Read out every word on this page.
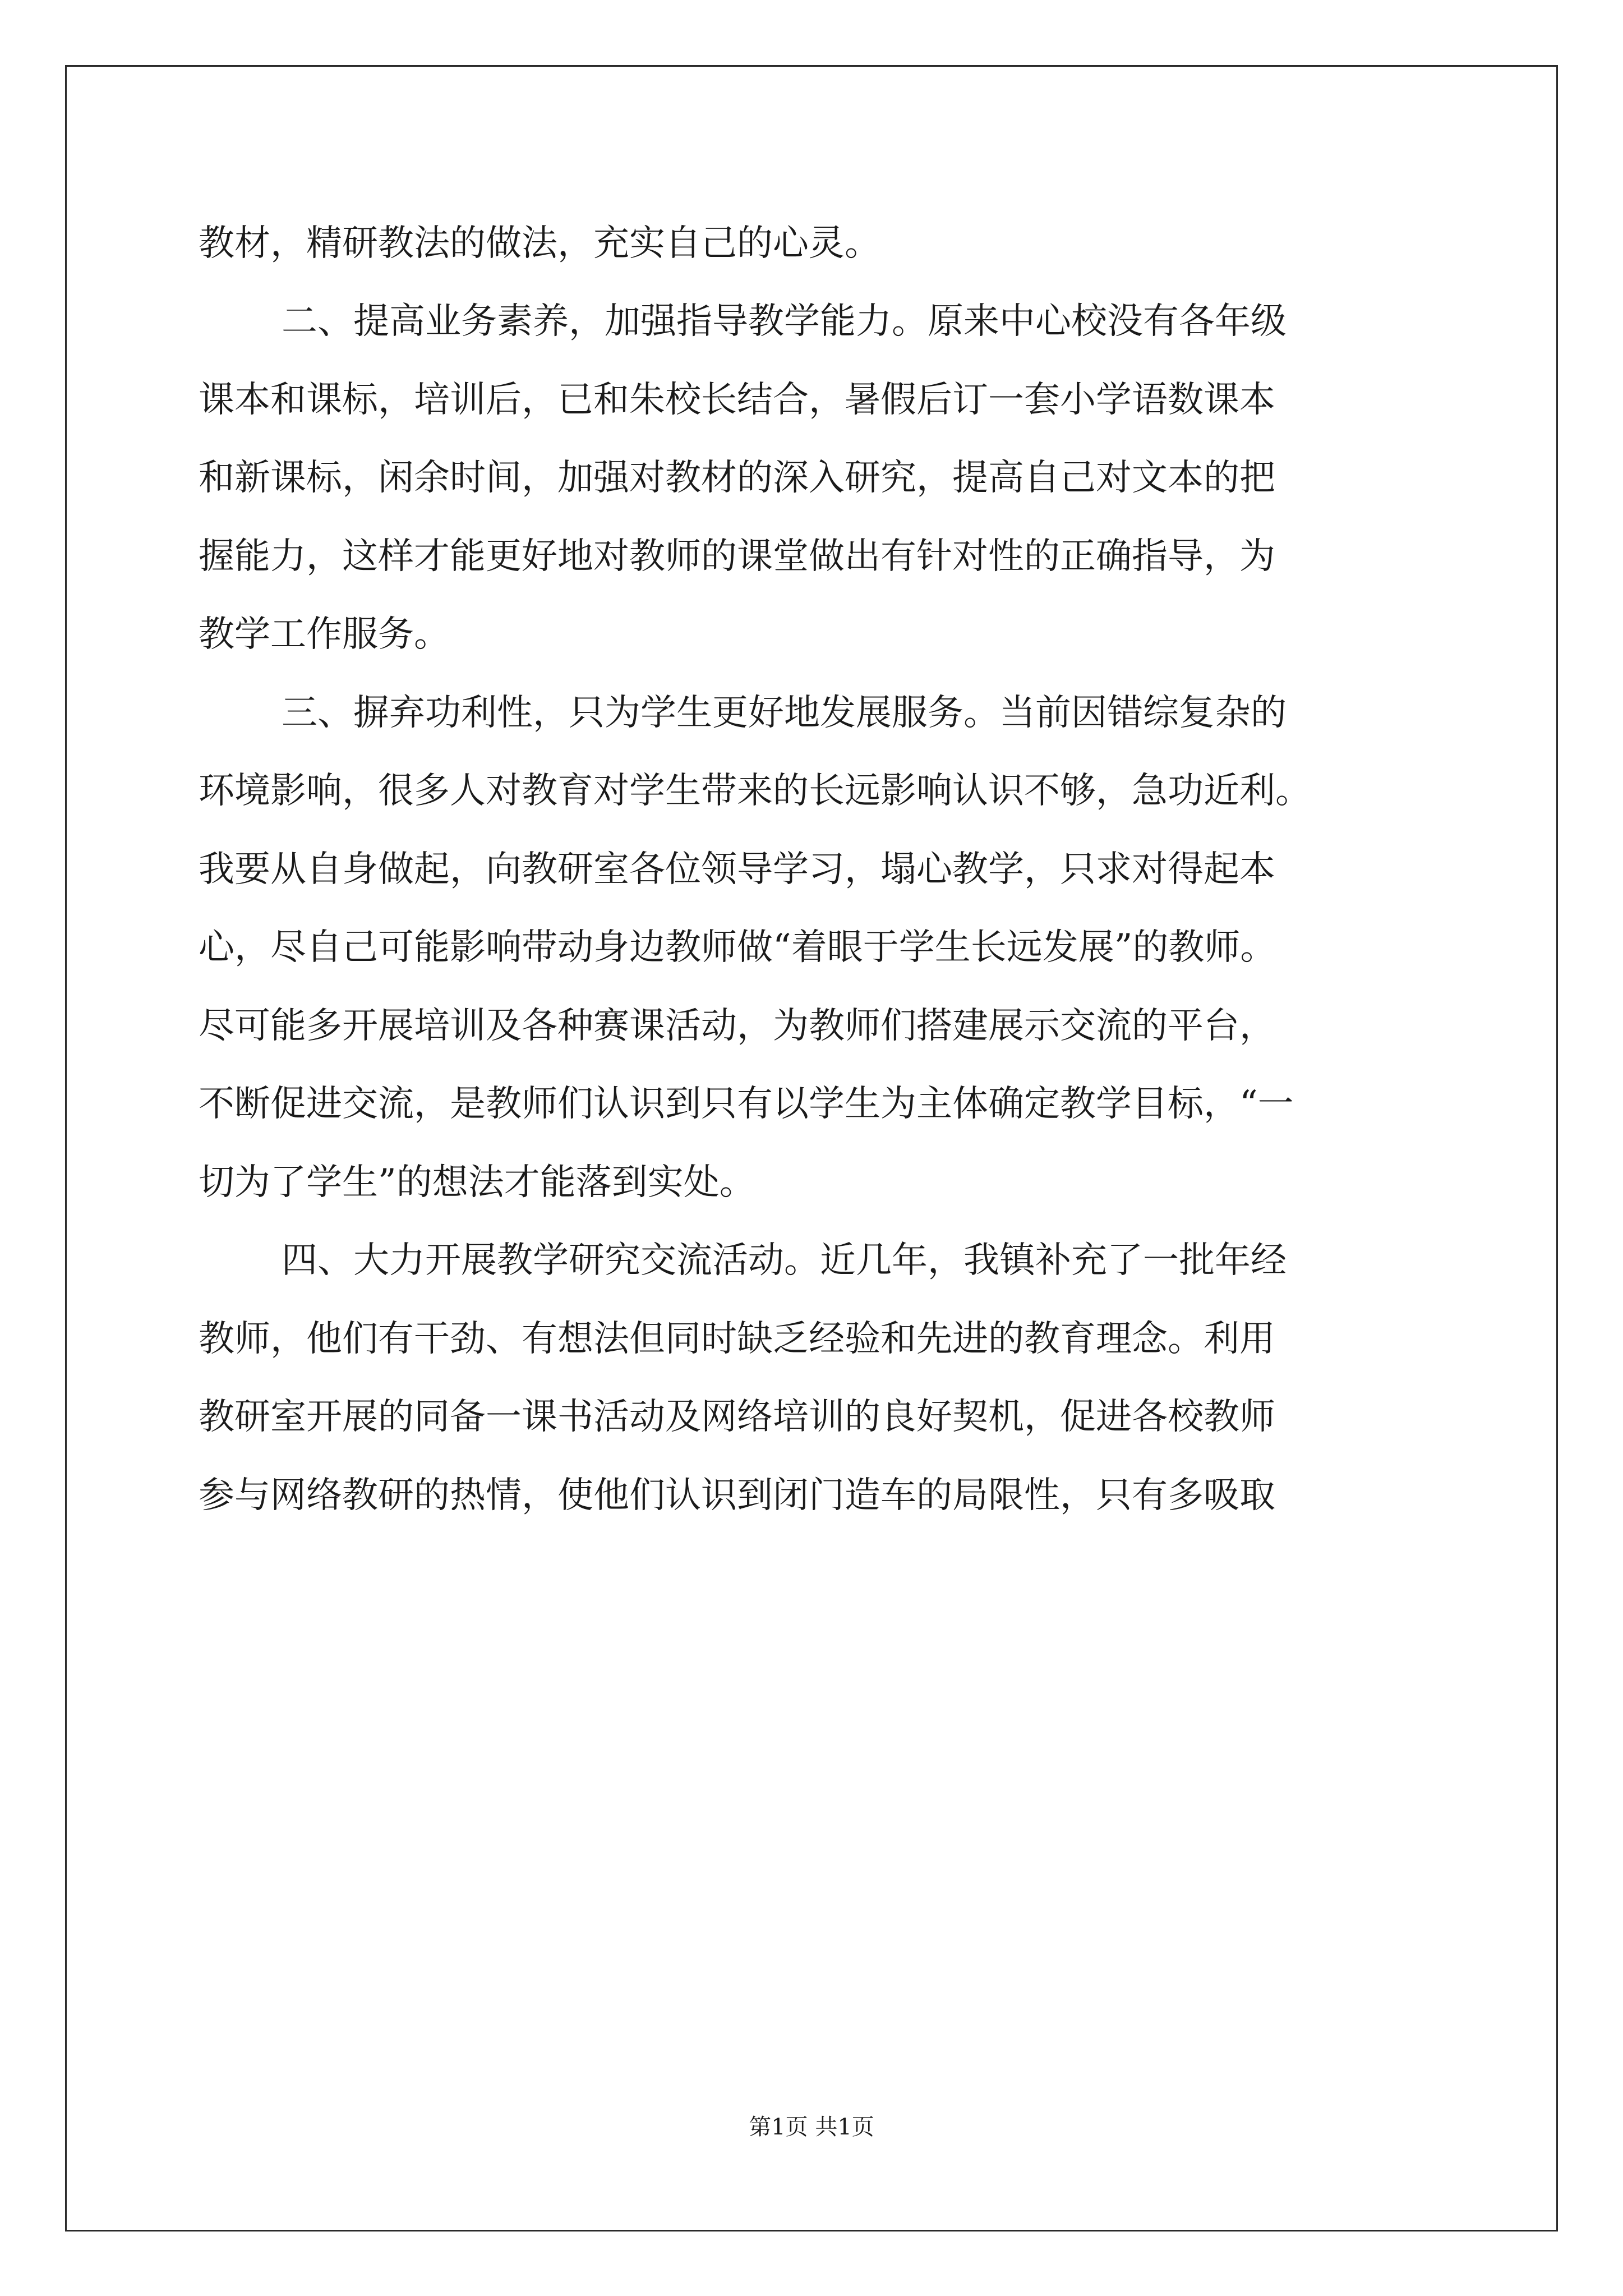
教材，精研教法的做法，充实自己的心灵。

二、提高业务素养，加强指导教学能力。原来中心校没有各年级

课本和课标，培训后，已和朱校长结合，暑假后订一套小学语数课本

和新课标，闲余时间，加强对教材的深入研究，提高自己对文本的把

握能力，这样才能更好地对教师的课堂做出有针对性的正确指导，为

教学工作服务。

三、摒弃功利性，只为学生更好地发展服务。当前因错综复杂的

环境影响，很多人对教育对学生带来的长远影响认识不够，急功近利。

我要从自身做起，向教研室各位领导学习，塌心教学，只求对得起本

心，尽自己可能影响带动身边教师做“着眼于学生长远发展”的教师。

尽可能多开展培训及各种赛课活动，为教师们搭建展示交流的平台，

不断促进交流，是教师们认识到只有以学生为主体确定教学目标，“一

切为了学生”的想法才能落到实处。

四、大力开展教学研究交流活动。近几年，我镇补充了一批年经

教师，他们有干劲、有想法但同时缺乏经验和先进的教育理念。利用

教研室开展的同备一课书活动及网络培训的良好契机，促进各校教师

参与网络教研的热情，使他们认识到闭门造车的局限性，只有多吸取

第1页 共1页
